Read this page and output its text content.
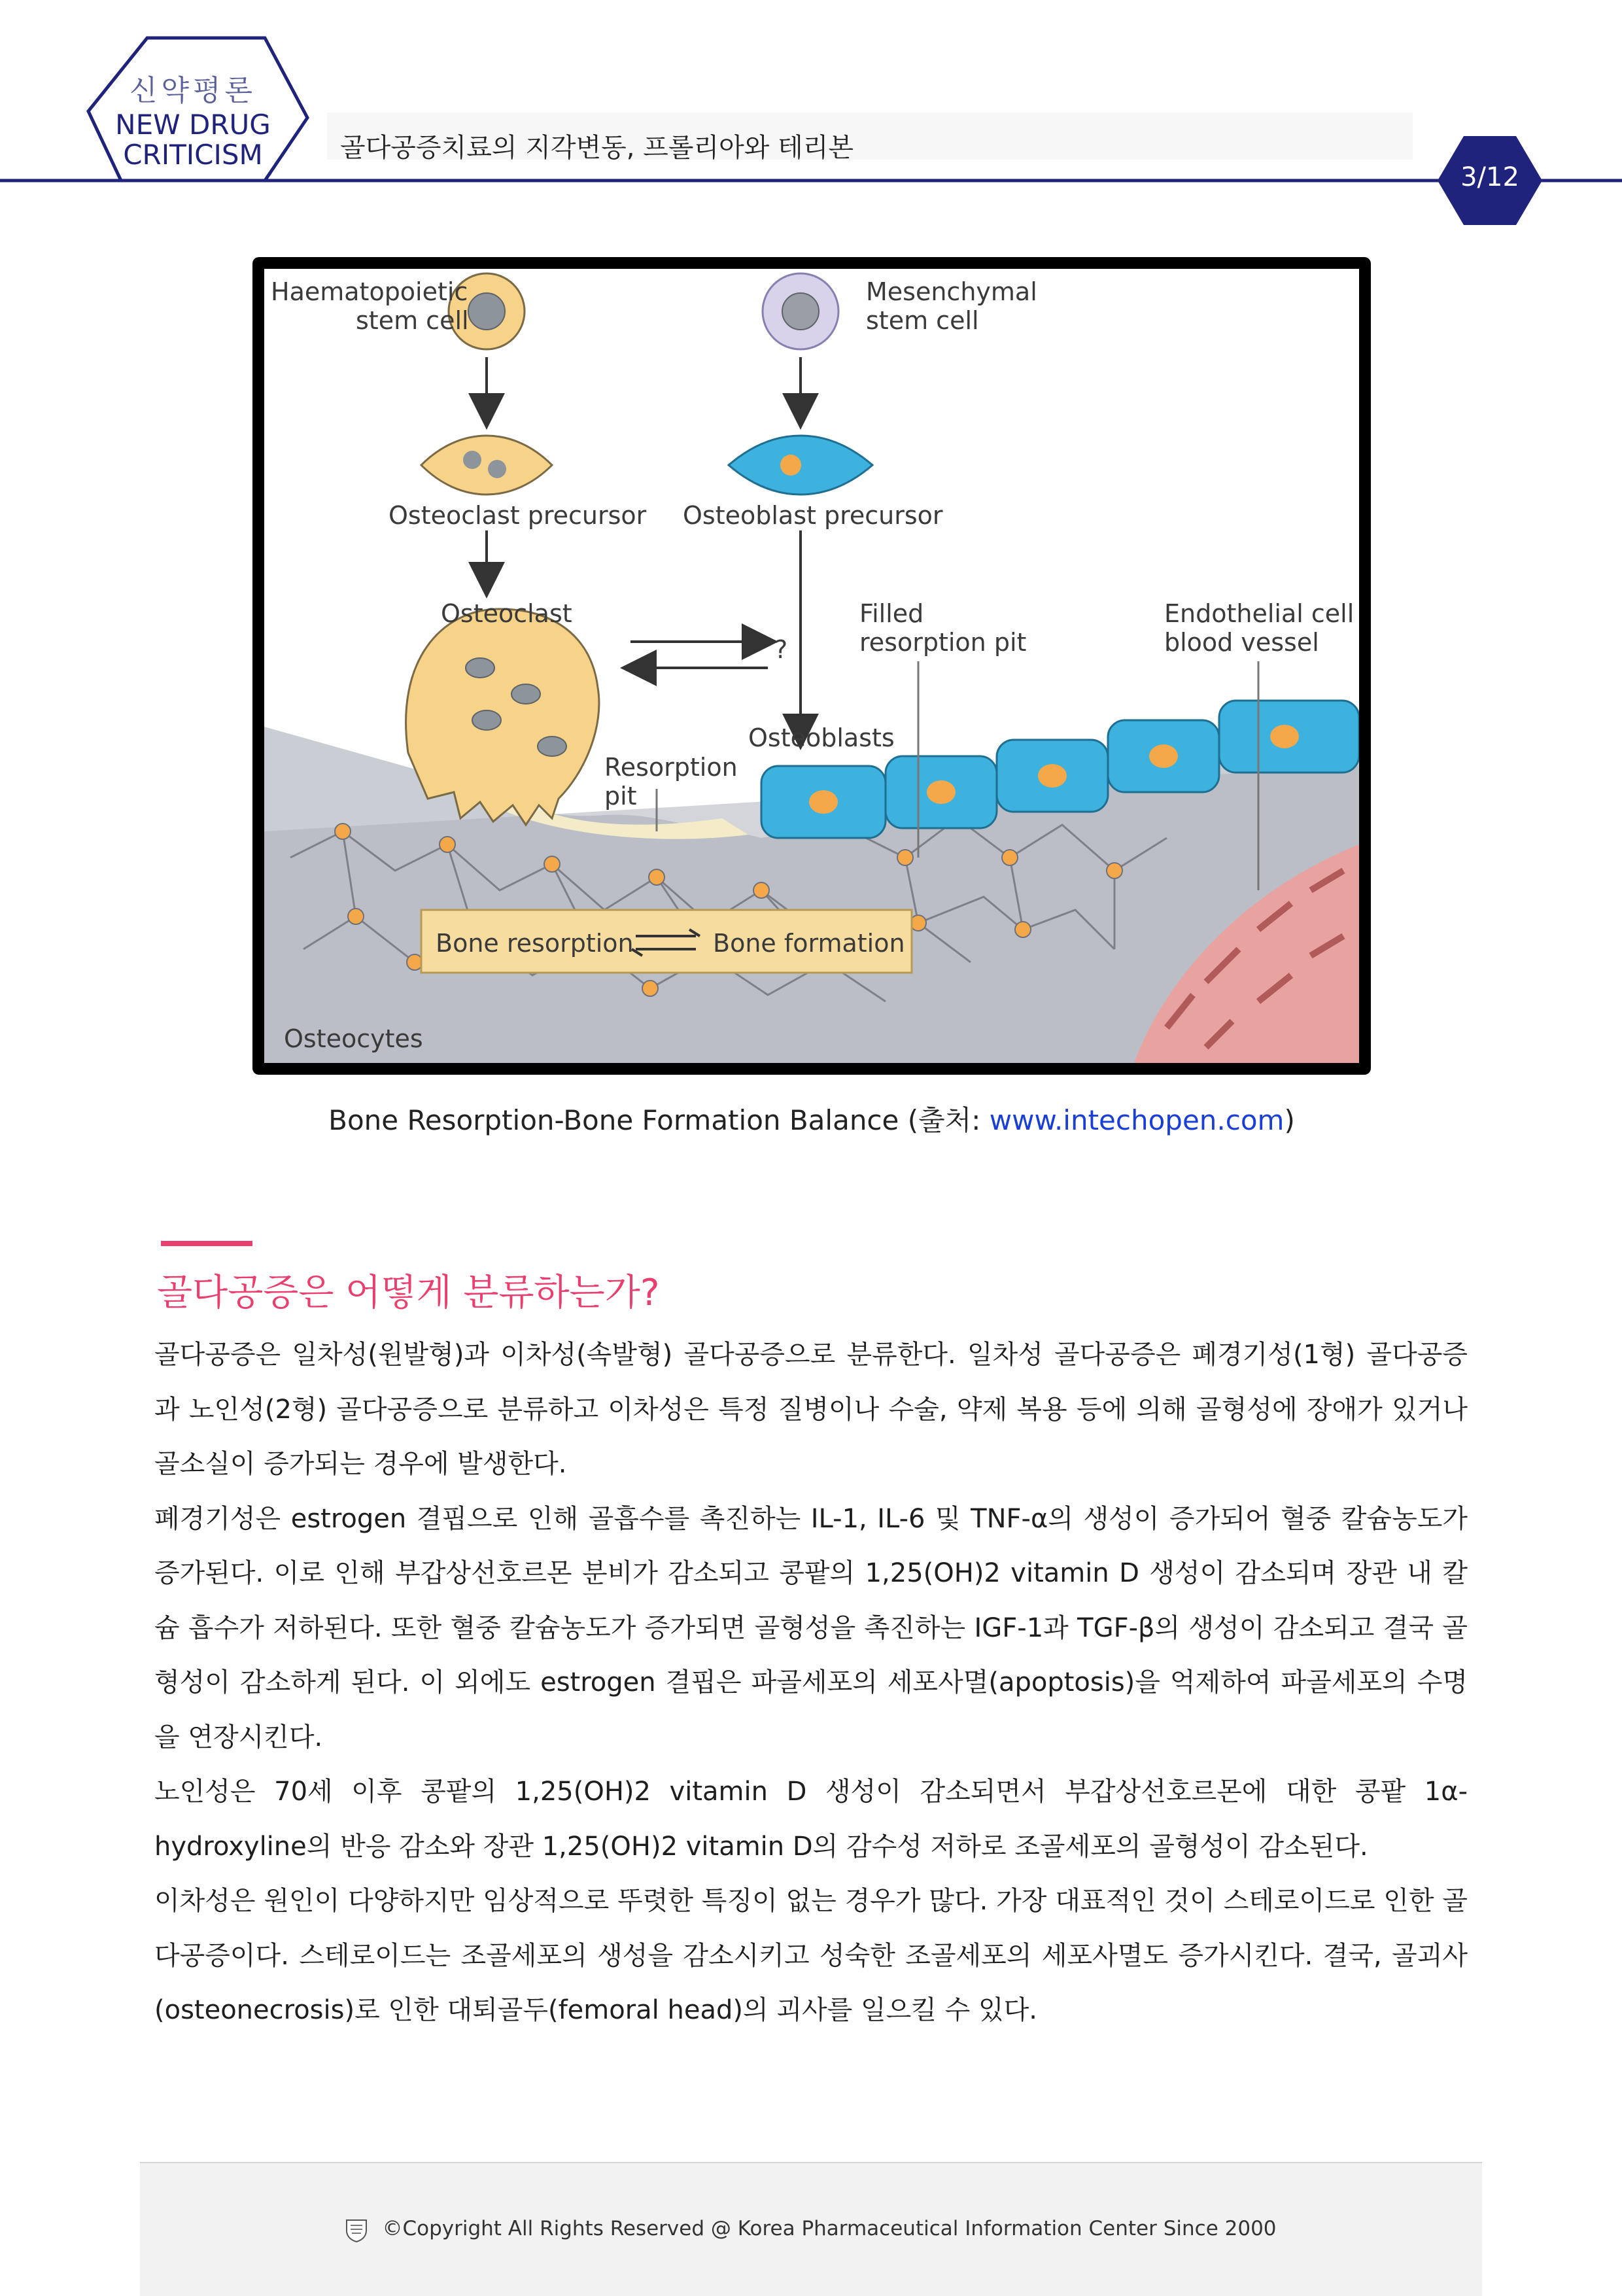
신약평론
NEW DRUG
CRITICISM	골다공증치료의 지각변동, 프롤리아와 테리본
3/12
Haematopoietic
stem cell
Mesenchymal
stem cell
Osteoclast precursor Osteoblast precursor
Osteoclast
?
Filled
resorption pit
Endothelial cell
blood vessel
Osteoblasts
Resorption
pit
Bone resorption	Bone formation
Osteocytes
Bone Resorption-Bone Formation Balance (출처: www.intechopen.com)
골다공증은 어떻게 분류하는가?

골다공증은 일차성(원발형)과 이차성(속발형) 골다공증으로 분류한다. 일차성 골다공증은 폐경기성(1형) 골다공증과 노인성(2형) 골다공증으로 분류하고 이차성은 특정 질병이나 수술, 약제 복용 등에 의해 골형성에 장애가 있거나 골소실이 증가되는 경우에 발생한다.

폐경기성은 estrogen 결핍으로 인해 골흡수를 촉진하는 IL-1, IL-6 및 TNF-α의 생성이 증가되어 혈중 칼슘농도가 증가된다. 이로 인해 부갑상선호르몬 분비가 감소되고 콩팥의 1,25(OH)2 vitamin D 생성이 감소되며 장관 내 칼슘 흡수가 저하된다. 또한 혈중 칼슘농도가 증가되면 골형성을 촉진하는 IGF-1과 TGF-β의 생성이 감소되고 결국 골형성이 감소하게 된다. 이 외에도 estrogen 결핍은 파골세포의 세포사멸(apoptosis)을 억제하여 파골세포의 수명을 연장시킨다.

노인성은 70세 이후 콩팥의 1,25(OH)2 vitamin D 생성이 감소되면서 부갑상선호르몬에 대한 콩팥 1α-hydroxyline의 반응 감소와 장관 1,25(OH)2 vitamin D의 감수성 저하로 조골세포의 골형성이 감소된다.

이차성은 원인이 다양하지만 임상적으로 뚜렷한 특징이 없는 경우가 많다. 가장 대표적인 것이 스테로이드로 인한 골다공증이다. 스테로이드는 조골세포의 생성을 감소시키고 성숙한 조골세포의 세포사멸도 증가시킨다. 결국, 골괴사(osteonecrosis)로 인한 대퇴골두(femoral head)의 괴사를 일으킬 수 있다.

©Copyright All Rights Reserved @ Korea Pharmaceutical Information Center Since 2000
